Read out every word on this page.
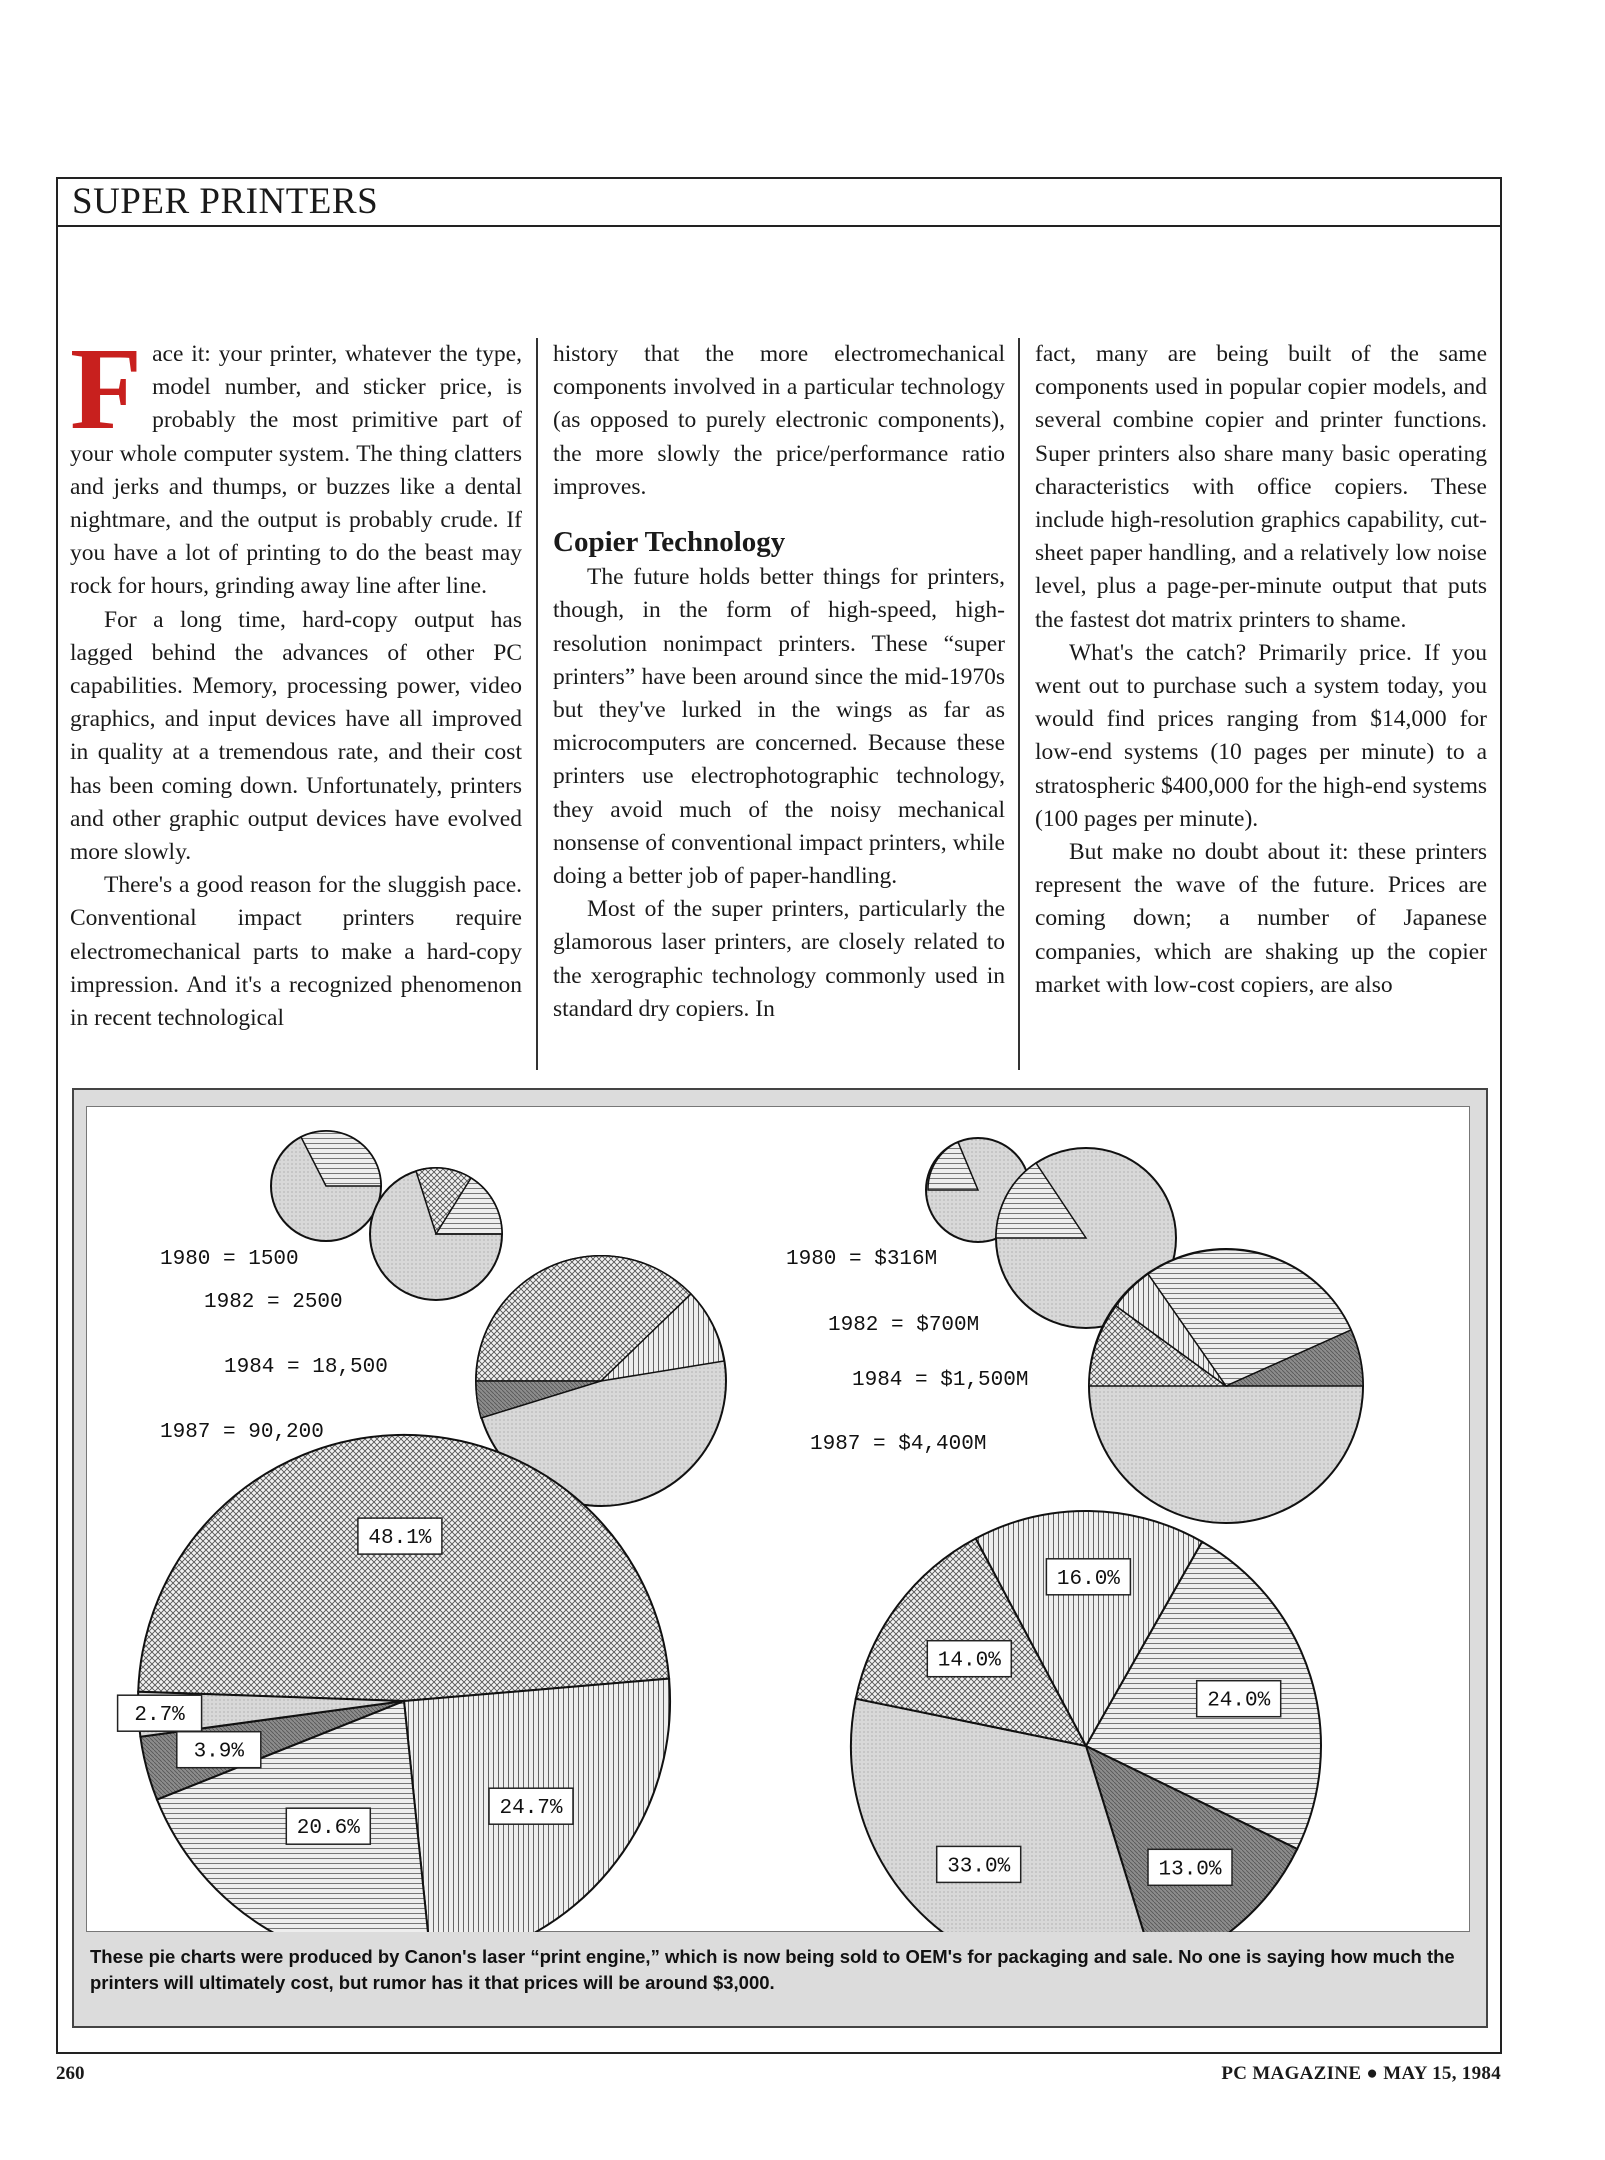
SUPER PRINTERS

Face it: your printer, whatever the type, model number, and sticker price, is probably the most primitive part of your whole computer system. The thing clatters and jerks and thumps, or buzzes like a dental nightmare, and the output is probably crude. If you have a lot of printing to do the beast may rock for hours, grinding away line after line.

For a long time, hard-copy output has lagged behind the advances of other PC capabilities. Memory, processing power, video graphics, and input devices have all improved in quality at a tremendous rate, and their cost has been coming down. Unfortunately, printers and other graphic output devices have evolved more slowly.

There's a good reason for the sluggish pace. Conventional impact printers require electromechanical parts to make a hard-copy impression. And it's a recognized phenomenon in recent technological

history that the more electromechanical components involved in a particular technology (as opposed to purely electronic components), the more slowly the price/performance ratio improves.

Copier Technology

The future holds better things for printers, though, in the form of high-speed, high-resolution nonimpact printers. These “super printers” have been around since the mid-1970s but they've lurked in the wings as far as microcomputers are concerned. Because these printers use electrophotographic technology, they avoid much of the noisy mechanical nonsense of conventional impact printers, while doing a better job of paper-handling.

Most of the super printers, particularly the glamorous laser printers, are closely related to the xerographic technology commonly used in standard dry copiers. In

fact, many are being built of the same components used in popular copier models, and several combine copier and printer functions. Super printers also share many basic operating characteristics with office copiers. These include high-resolution graphics capability, cut-sheet paper handling, and a relatively low noise level, plus a page-per-minute output that puts the fastest dot matrix printers to shame.

What's the catch? Primarily price. If you went out to purchase such a system today, you would find prices ranging from $14,000 for low-end systems (10 pages per minute) to a stratospheric $400,000 for the high-end systems (100 pages per minute).

But make no doubt about it: these printers represent the wave of the future. Prices are coming down; a number of Japanese companies, which are shaking up the copier market with low-cost copiers, are also

1980 = 1500
1982 = 2500
1984 = 18,500
1987 = 90,200
1980 = $316M
1982 = $700M
1984 = $1,500M
1987 = $4,400M
48.1%
24.7%
20.6%
3.9%
2.7%
16.0%
24.0%
13.0%
33.0%
14.0%
These pie charts were produced by Canon's laser “print engine,” which is now being sold to OEM's for packaging and sale. No one is saying how much the printers will ultimately cost, but rumor has it that prices will be around $3,000.
260	PC MAGAZINE ● MAY 15, 1984
